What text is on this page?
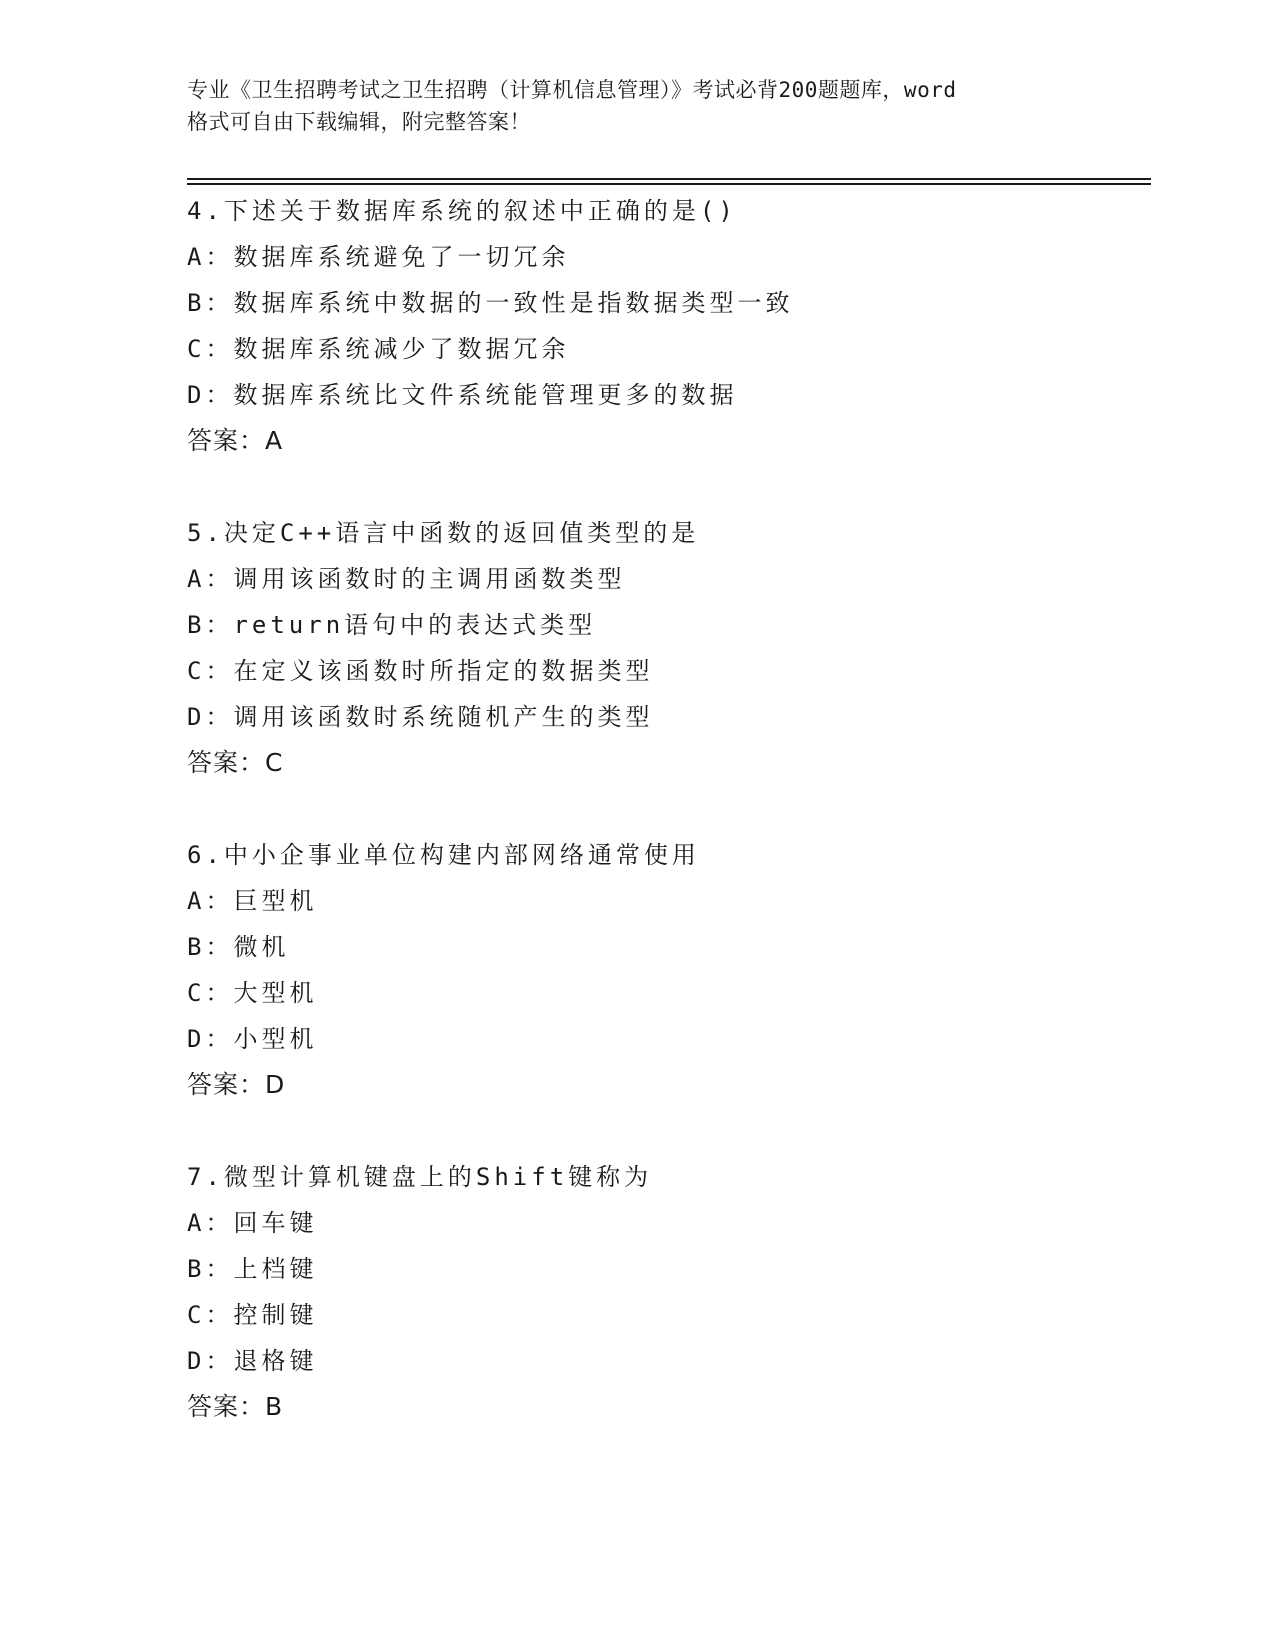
专业《卫生招聘考试之卫生招聘（计算机信息管理）》考试必背200题题库，word
格式可自由下载编辑，附完整答案！
4.下述关于数据库系统的叙述中正确的是()
A：数据库系统避免了一切冗余
B：数据库系统中数据的一致性是指数据类型一致
C：数据库系统减少了数据冗余
D：数据库系统比文件系统能管理更多的数据
答案：A
5.决定C++语言中函数的返回值类型的是
A：调用该函数时的主调用函数类型
B：return语句中的表达式类型
C：在定义该函数时所指定的数据类型
D：调用该函数时系统随机产生的类型
答案：C
6.中小企事业单位构建内部网络通常使用
A：巨型机
B：微机
C：大型机
D：小型机
答案：D
7.微型计算机键盘上的Shift键称为
A：回车键
B：上档键
C：控制键
D：退格键
答案：B
